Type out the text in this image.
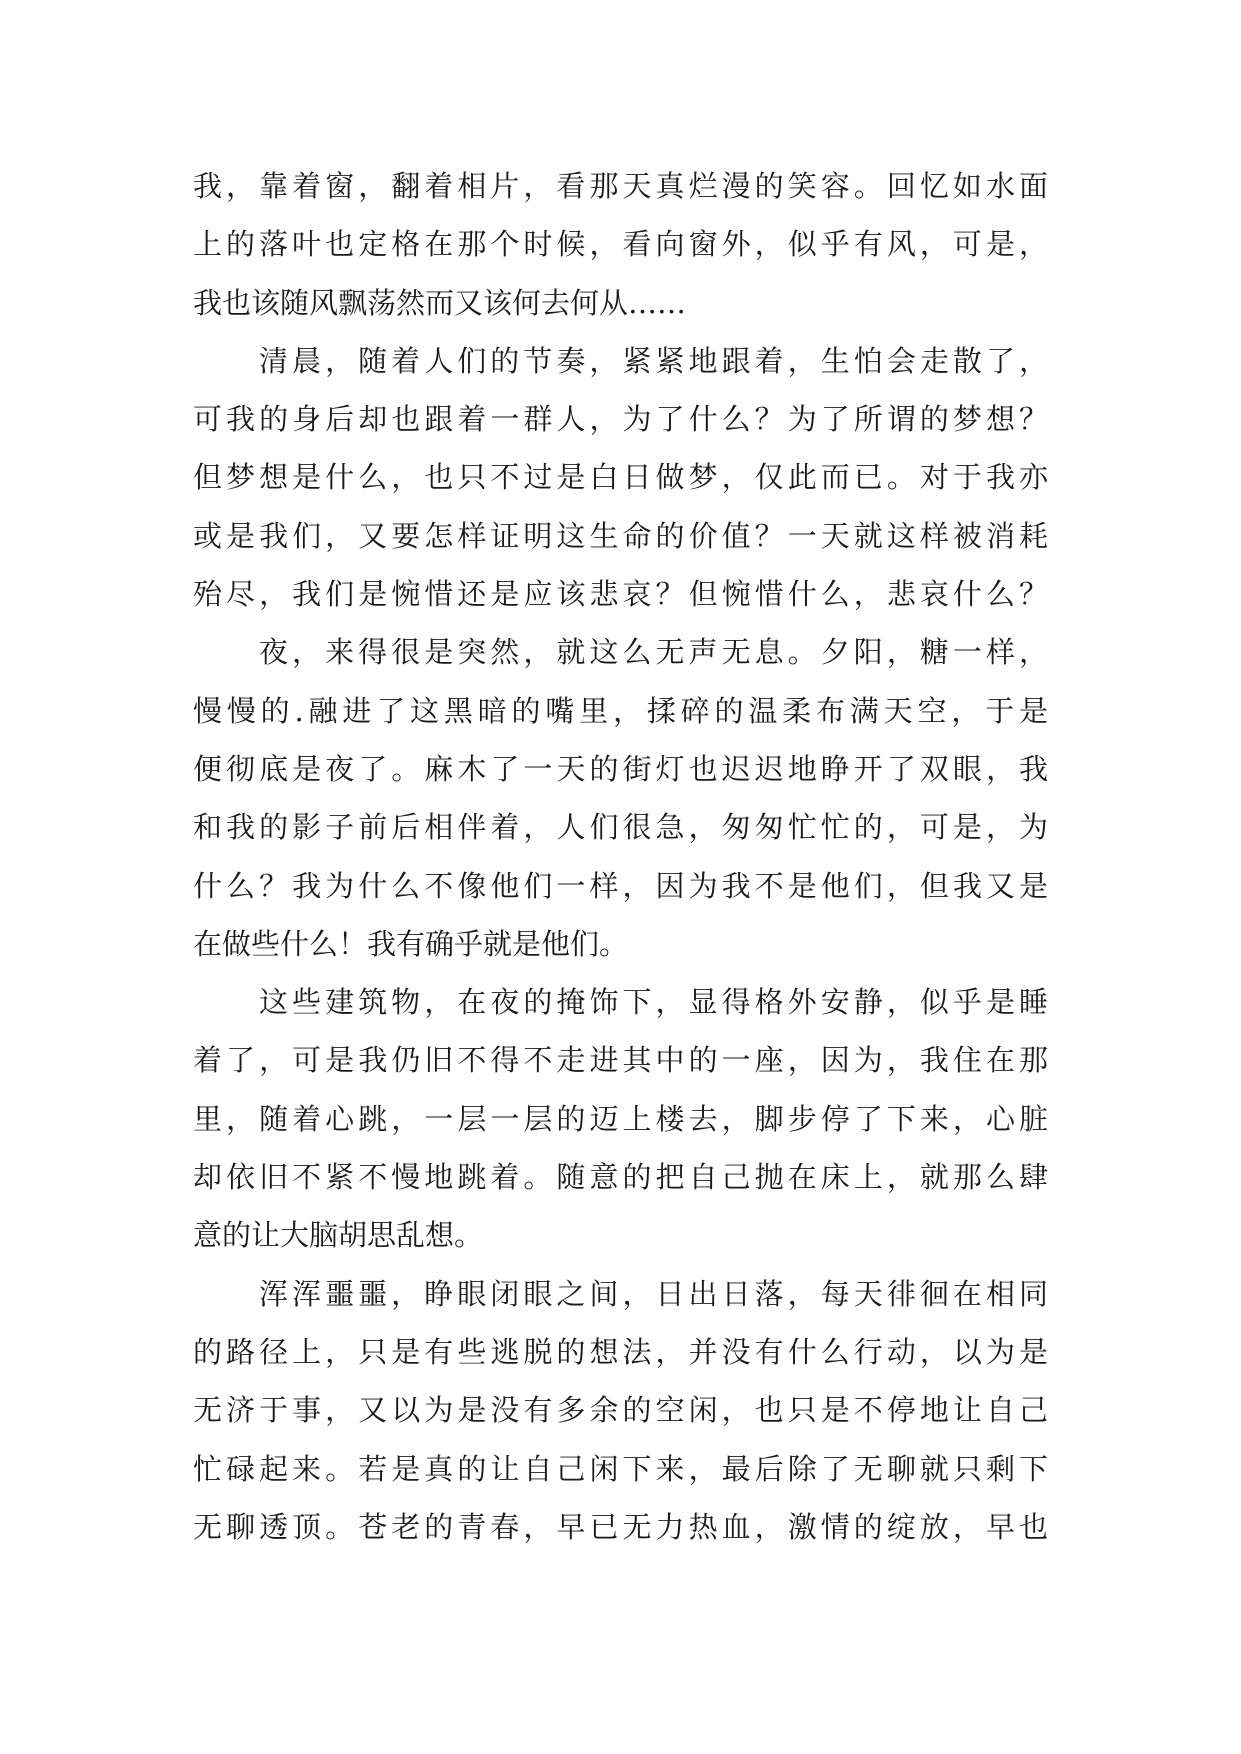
我，靠着窗，翻着相片，看那天真烂漫的笑容。回忆如水面
上的落叶也定格在那个时候，看向窗外，似乎有风，可是，
我也该随风飘荡然而又该何去何从……
清晨，随着人们的节奏，紧紧地跟着，生怕会走散了，
可我的身后却也跟着一群人，为了什么？为了所谓的梦想？
但梦想是什么，也只不过是白日做梦，仅此而已。对于我亦
或是我们，又要怎样证明这生命的价值？一天就这样被消耗
殆尽，我们是惋惜还是应该悲哀？但惋惜什么，悲哀什么？
夜，来得很是突然，就这么无声无息。夕阳，糖一样，
慢慢的.融进了这黑暗的嘴里，揉碎的温柔布满天空，于是
便彻底是夜了。麻木了一天的街灯也迟迟地睁开了双眼，我
和我的影子前后相伴着，人们很急，匆匆忙忙的，可是，为
什么？我为什么不像他们一样，因为我不是他们，但我又是
在做些什么！我有确乎就是他们。
这些建筑物，在夜的掩饰下，显得格外安静，似乎是睡
着了，可是我仍旧不得不走进其中的一座，因为，我住在那
里，随着心跳，一层一层的迈上楼去，脚步停了下来，心脏
却依旧不紧不慢地跳着。随意的把自己抛在床上，就那么肆
意的让大脑胡思乱想。
浑浑噩噩，睁眼闭眼之间，日出日落，每天徘徊在相同
的路径上，只是有些逃脱的想法，并没有什么行动，以为是
无济于事，又以为是没有多余的空闲，也只是不停地让自己
忙碌起来。若是真的让自己闲下来，最后除了无聊就只剩下
无聊透顶。苍老的青春，早已无力热血，激情的绽放，早也
